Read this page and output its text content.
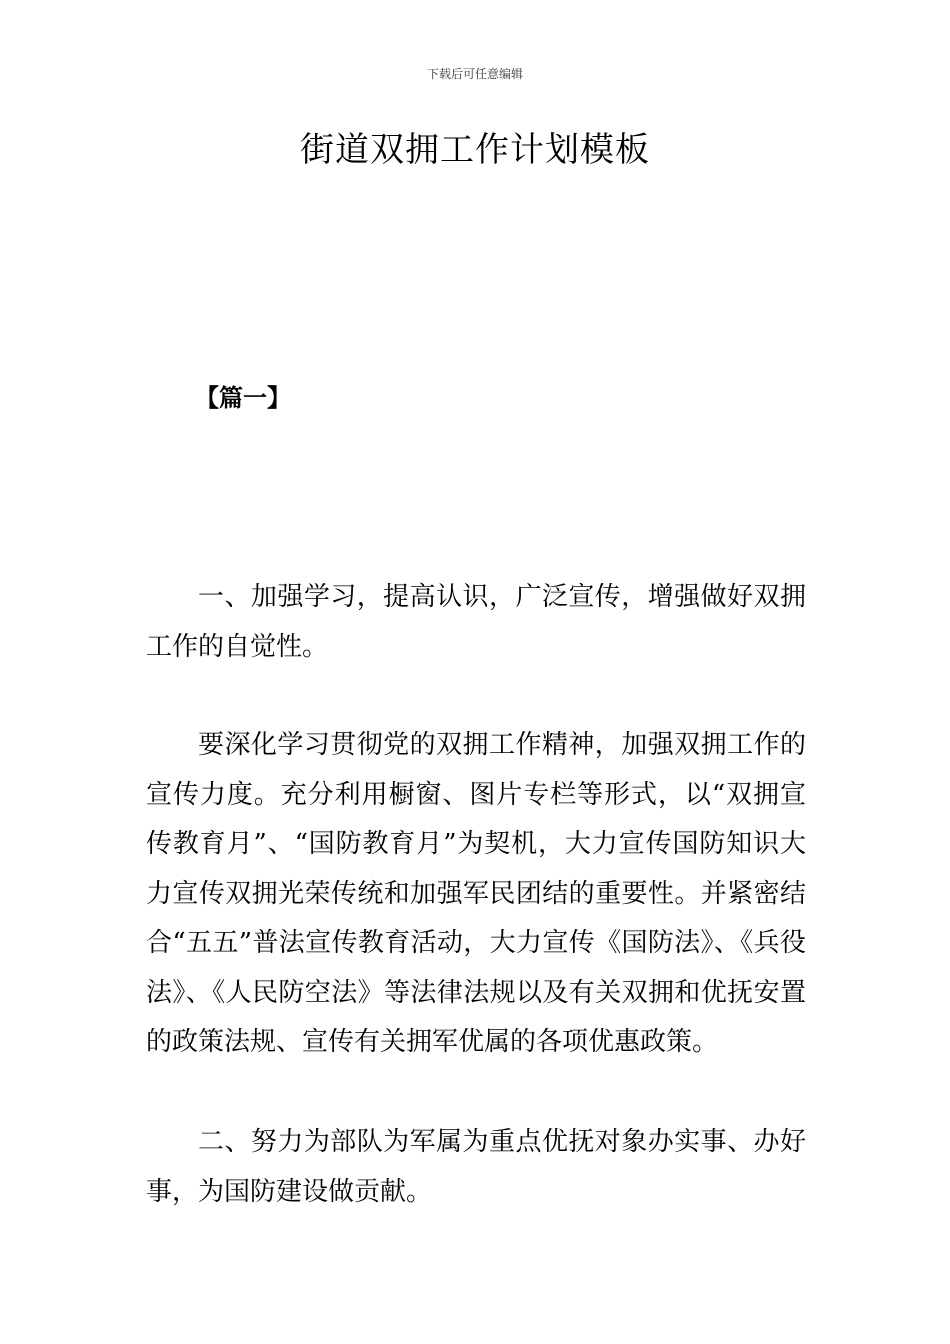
下载后可任意编辑
街道双拥工作计划模板
【篇一】

一、加强学习，提高认识，广泛宣传，增强做好双拥工作的自觉性。

要深化学习贯彻党的双拥工作精神，加强双拥工作的宣传力度。充分利用橱窗、图片专栏等形式，以“双拥宣传教育月”、“国防教育月”为契机，大力宣传国防知识大力宣传双拥光荣传统和加强军民团结的重要性。并紧密结合“五五”普法宣传教育活动，大力宣传《国防法》、《兵役法》、《人民防空法》等法律法规以及有关双拥和优抚安置的政策法规、宣传有关拥军优属的各项优惠政策。

二、努力为部队为军属为重点优抚对象办实事、办好事，为国防建设做贡献。
